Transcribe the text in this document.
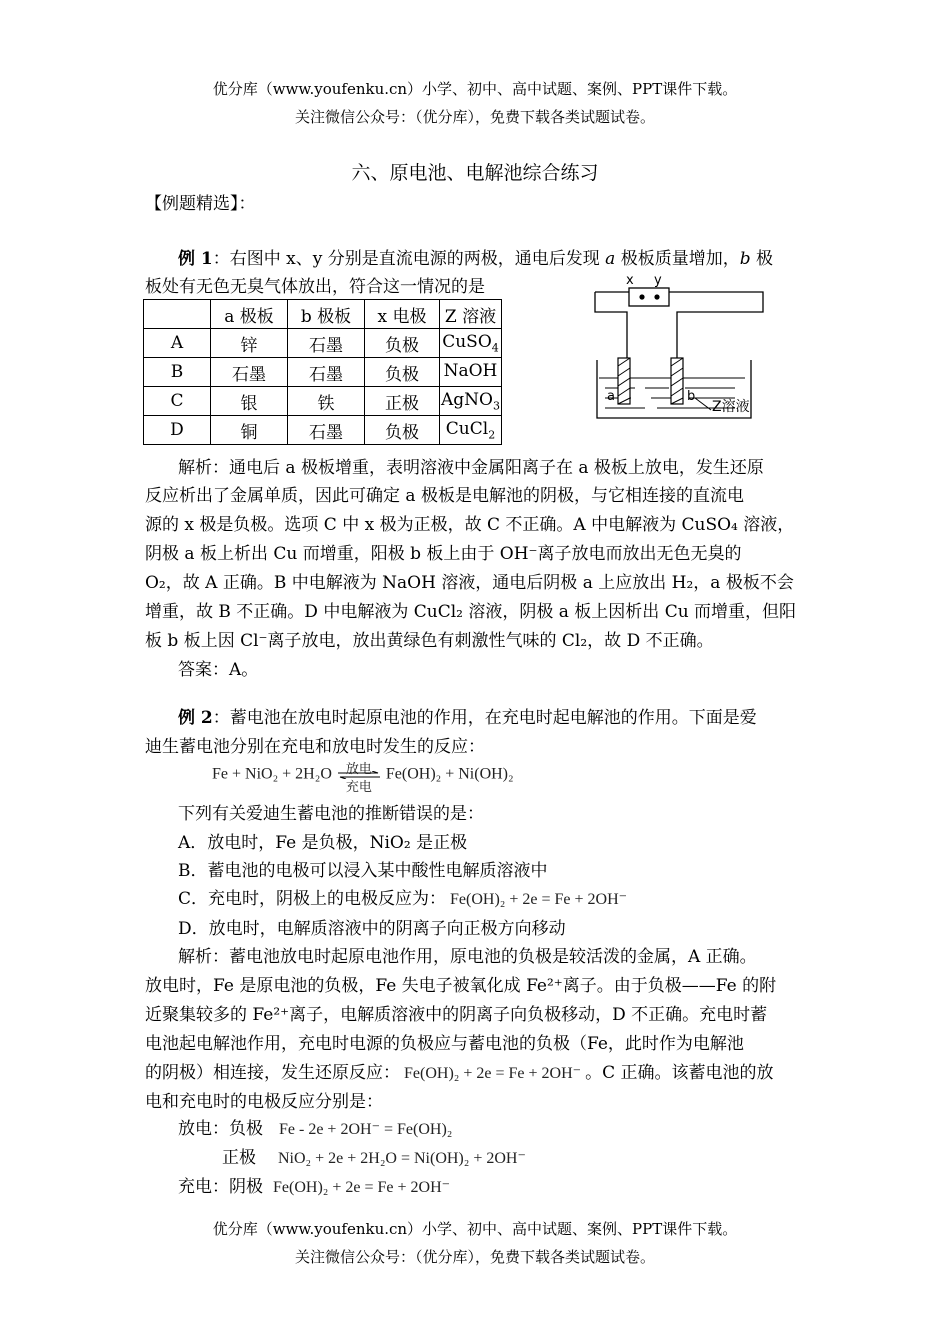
优分库（www.youfenku.cn）小学、初中、高中试题、案例、PPT课件下载。
关注微信公众号：（优分库），免费下载各类试题试卷。
六、原电池、电解池综合练习
【例题精选】：
例 1：右图中 x、y 分别是直流电源的两极，通电后发现 a 极板质量增加，b 极
板处有无色无臭气体放出，符合这一情况的是
	a 极板	b 极板	x 电极	Z 溶液
A	锌	石墨	负极	CuSO$_4$
B	石墨	石墨	负极	NaOH
C	银	铁	正极	AgNO$_3$
D	铜	石墨	负极	CuCl$_2$
x y
a	b
Z溶液
解析：通电后 a 极板增重，表明溶液中金属阳离子在 a 极板上放电，发生还原
反应析出了金属单质，因此可确定 a 极板是电解池的阴极，与它相连接的直流电
源的 x 极是负极。选项 C 中 x 极为正极，故 C 不正确。A 中电解液为 CuSO₄ 溶液，
阴极 a 板上析出 Cu 而增重，阳极 b 板上由于 OH⁻离子放电而放出无色无臭的
O₂，故 A 正确。B 中电解液为 NaOH 溶液，通电后阴极 a 上应放出 H₂，a 极板不会
增重，故 B 不正确。D 中电解液为 CuCl₂ 溶液，阴极 a 板上因析出 Cu 而增重，但阳
板 b 板上因 Cl⁻离子放电，放出黄绿色有刺激性气味的 Cl₂，故 D 不正确。
答案：A。
例 2：蓄电池在放电时起原电池的作用，在充电时起电解池的作用。下面是爱
迪生蓄电池分别在充电和放电时发生的反应：
Fe + NiO₂ + 2H₂O	放电
充电
Fe(OH)₂ + Ni(OH)₂
下列有关爱迪生蓄电池的推断错误的是：
A．放电时，Fe 是负极，NiO₂ 是正极
B．蓄电池的电极可以浸入某中酸性电解质溶液中
C．充电时，阴极上的电极反应为： Fe(OH)₂ + 2e = Fe + 2OH⁻
D．放电时，电解质溶液中的阴离子向正极方向移动
解析：蓄电池放电时起原电池作用，原电池的负极是较活泼的金属，A 正确。
放电时，Fe 是原电池的负极，Fe 失电子被氧化成 Fe²⁺离子。由于负极——Fe 的附
近聚集较多的 Fe²⁺离子，电解质溶液中的阴离子向负极移动，D 不正确。充电时蓄
电池起电解池作用，充电时电源的负极应与蓄电池的负极（Fe，此时作为电解池
的阴极）相连接，发生还原反应： Fe(OH)₂ + 2e = Fe + 2OH⁻ 。C 正确。该蓄电池的放
电和充电时的电极反应分别是：
放电：负极 Fe - 2e + 2OH⁻ = Fe(OH)₂
正极 NiO₂ + 2e + 2H₂O = Ni(OH)₂ + 2OH⁻
充电：阴极 Fe(OH)₂ + 2e = Fe + 2OH⁻
优分库（www.youfenku.cn）小学、初中、高中试题、案例、PPT课件下载。
关注微信公众号：（优分库），免费下载各类试题试卷。
